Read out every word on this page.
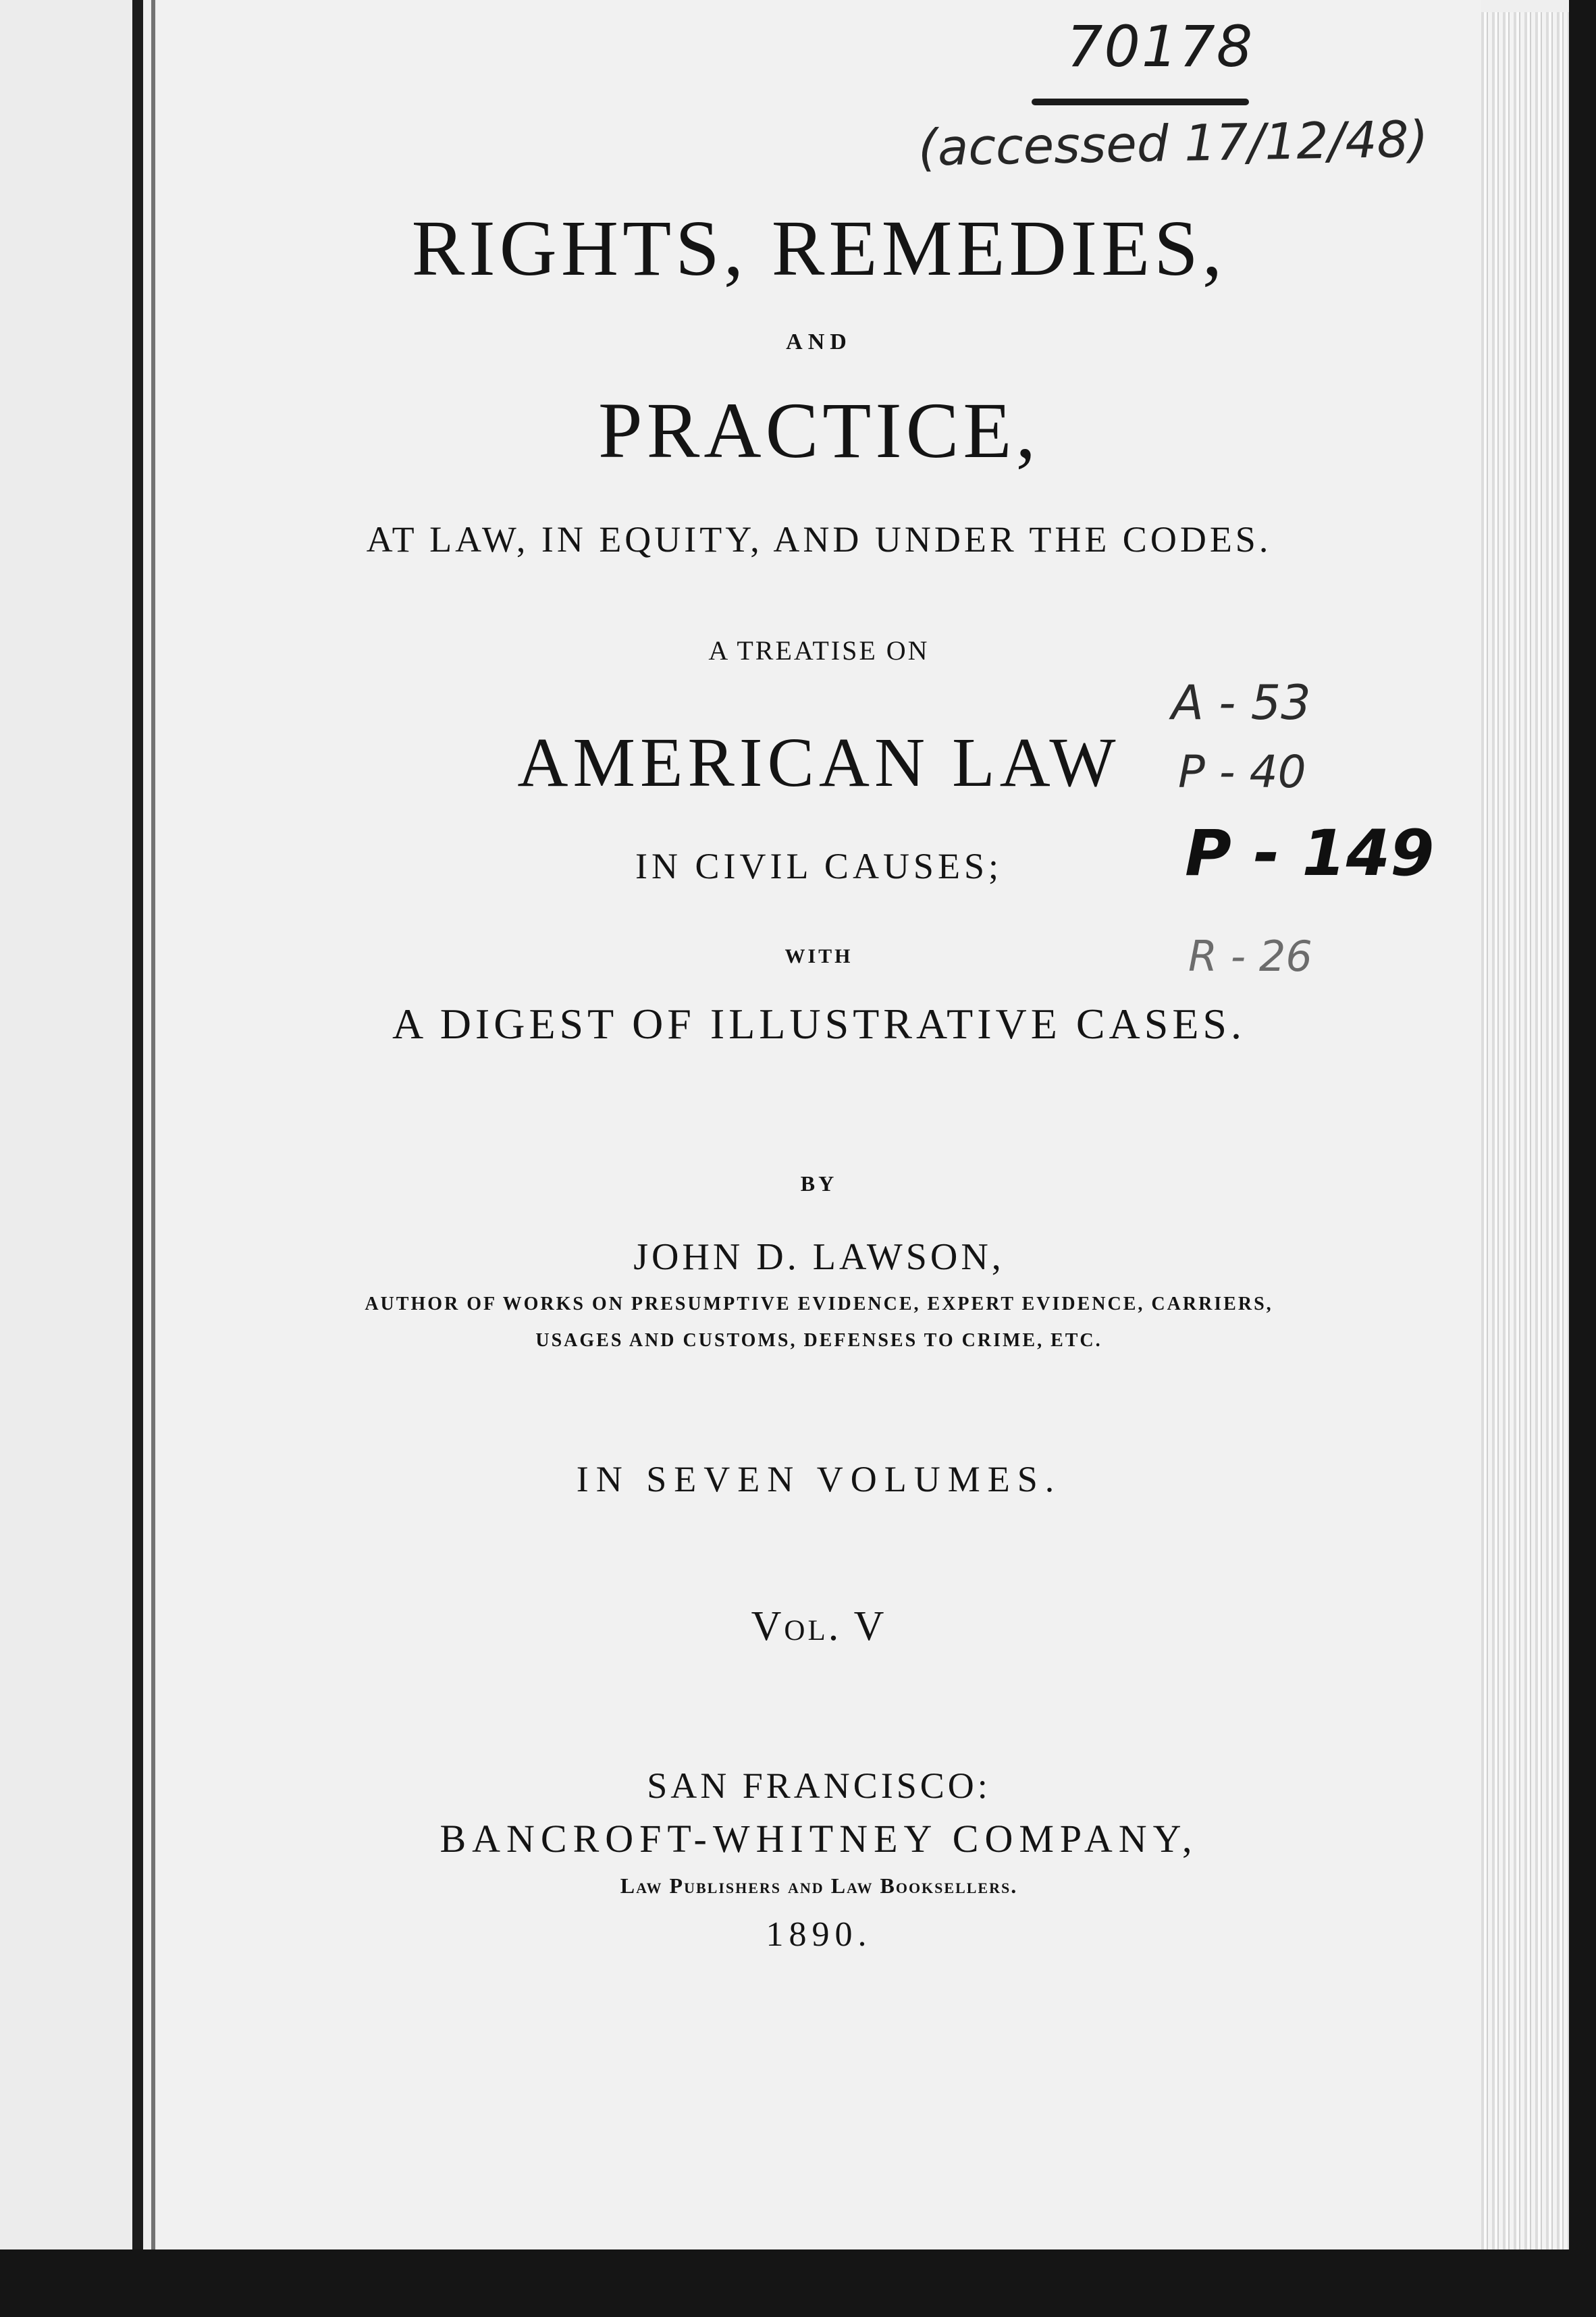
RIGHTS, REMEDIES,

AND

PRACTICE,

AT LAW, IN EQUITY, AND UNDER THE CODES.

A TREATISE ON

AMERICAN LAW

IN CIVIL CAUSES;

WITH

A DIGEST OF ILLUSTRATIVE CASES.

BY

JOHN D. LAWSON,

AUTHOR OF WORKS ON PRESUMPTIVE EVIDENCE, EXPERT EVIDENCE, CARRIERS,

USAGES AND CUSTOMS, DEFENSES TO CRIME, ETC.

IN SEVEN VOLUMES.

Vol. V

SAN FRANCISCO:

BANCROFT-WHITNEY COMPANY,

Law Publishers and Law Booksellers.

1890.

70178

(accessed 17/12/48)

A - 53

P - 40

P - 149

R - 26
